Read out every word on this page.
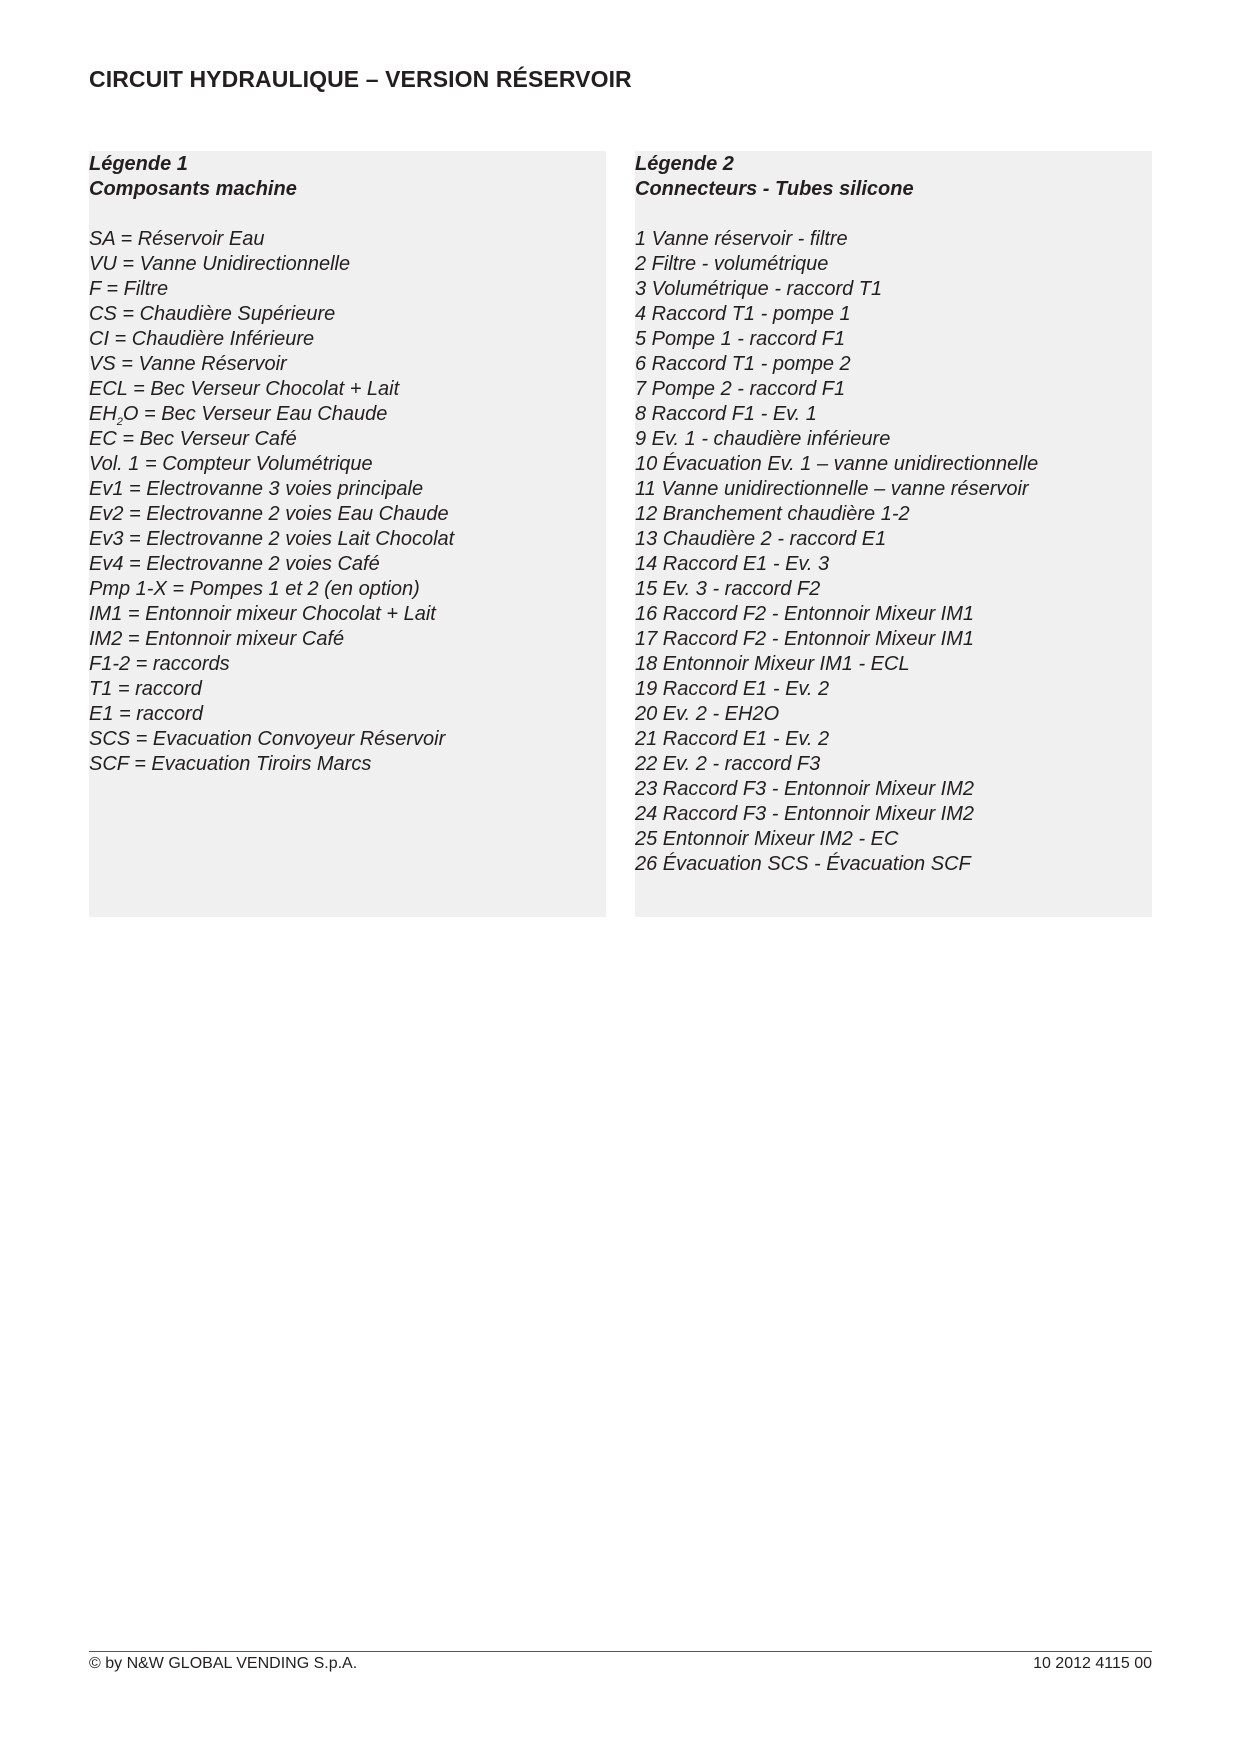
CIRCUIT HYDRAULIQUE – VERSION RÉSERVOIR
Légende 1
Composants machine
SA = Réservoir Eau
VU = Vanne Unidirectionnelle
F = Filtre
CS = Chaudière Supérieure
CI = Chaudière Inférieure
VS = Vanne Réservoir
ECL = Bec Verseur Chocolat + Lait
$EH_2O$ = Bec Verseur Eau Chaude
EC = Bec Verseur Café
Vol. 1 = Compteur Volumétrique
Ev1 = Electrovanne 3 voies principale
Ev2 = Electrovanne 2 voies Eau Chaude
Ev3 = Electrovanne 2 voies Lait Chocolat
Ev4 = Electrovanne 2 voies Café
Pmp 1-X = Pompes 1 et 2 (en option)
IM1 = Entonnoir mixeur Chocolat + Lait
IM2 = Entonnoir mixeur Café
F1-2 = raccords
T1 = raccord
E1 = raccord
SCS = Evacuation Convoyeur Réservoir
SCF = Evacuation Tiroirs Marcs
Légende 2
Connecteurs - Tubes silicone
1 Vanne réservoir - filtre
2 Filtre - volumétrique
3 Volumétrique - raccord T1
4 Raccord T1 - pompe 1
5 Pompe 1 - raccord F1
6 Raccord T1 - pompe 2
7 Pompe 2 - raccord F1
8 Raccord F1 - Ev. 1
9 Ev. 1 - chaudière inférieure
10 Évacuation Ev. 1 – vanne unidirectionnelle
11 Vanne unidirectionnelle – vanne réservoir
12 Branchement chaudière 1-2
13 Chaudière 2 - raccord E1
14 Raccord E1 - Ev. 3
15 Ev. 3 - raccord F2
16 Raccord F2 - Entonnoir Mixeur IM1
17 Raccord F2 - Entonnoir Mixeur IM1
18 Entonnoir Mixeur IM1 - ECL
19 Raccord E1 - Ev. 2
20 Ev. 2 - EH2O
21 Raccord E1 - Ev. 2
22 Ev. 2 - raccord F3
23 Raccord F3 - Entonnoir Mixeur IM2
24 Raccord F3 - Entonnoir Mixeur IM2
25 Entonnoir Mixeur IM2 - EC
26 Évacuation SCS - Évacuation SCF
© by N&W GLOBAL VENDING S.p.A.	10 2012 4115 00
